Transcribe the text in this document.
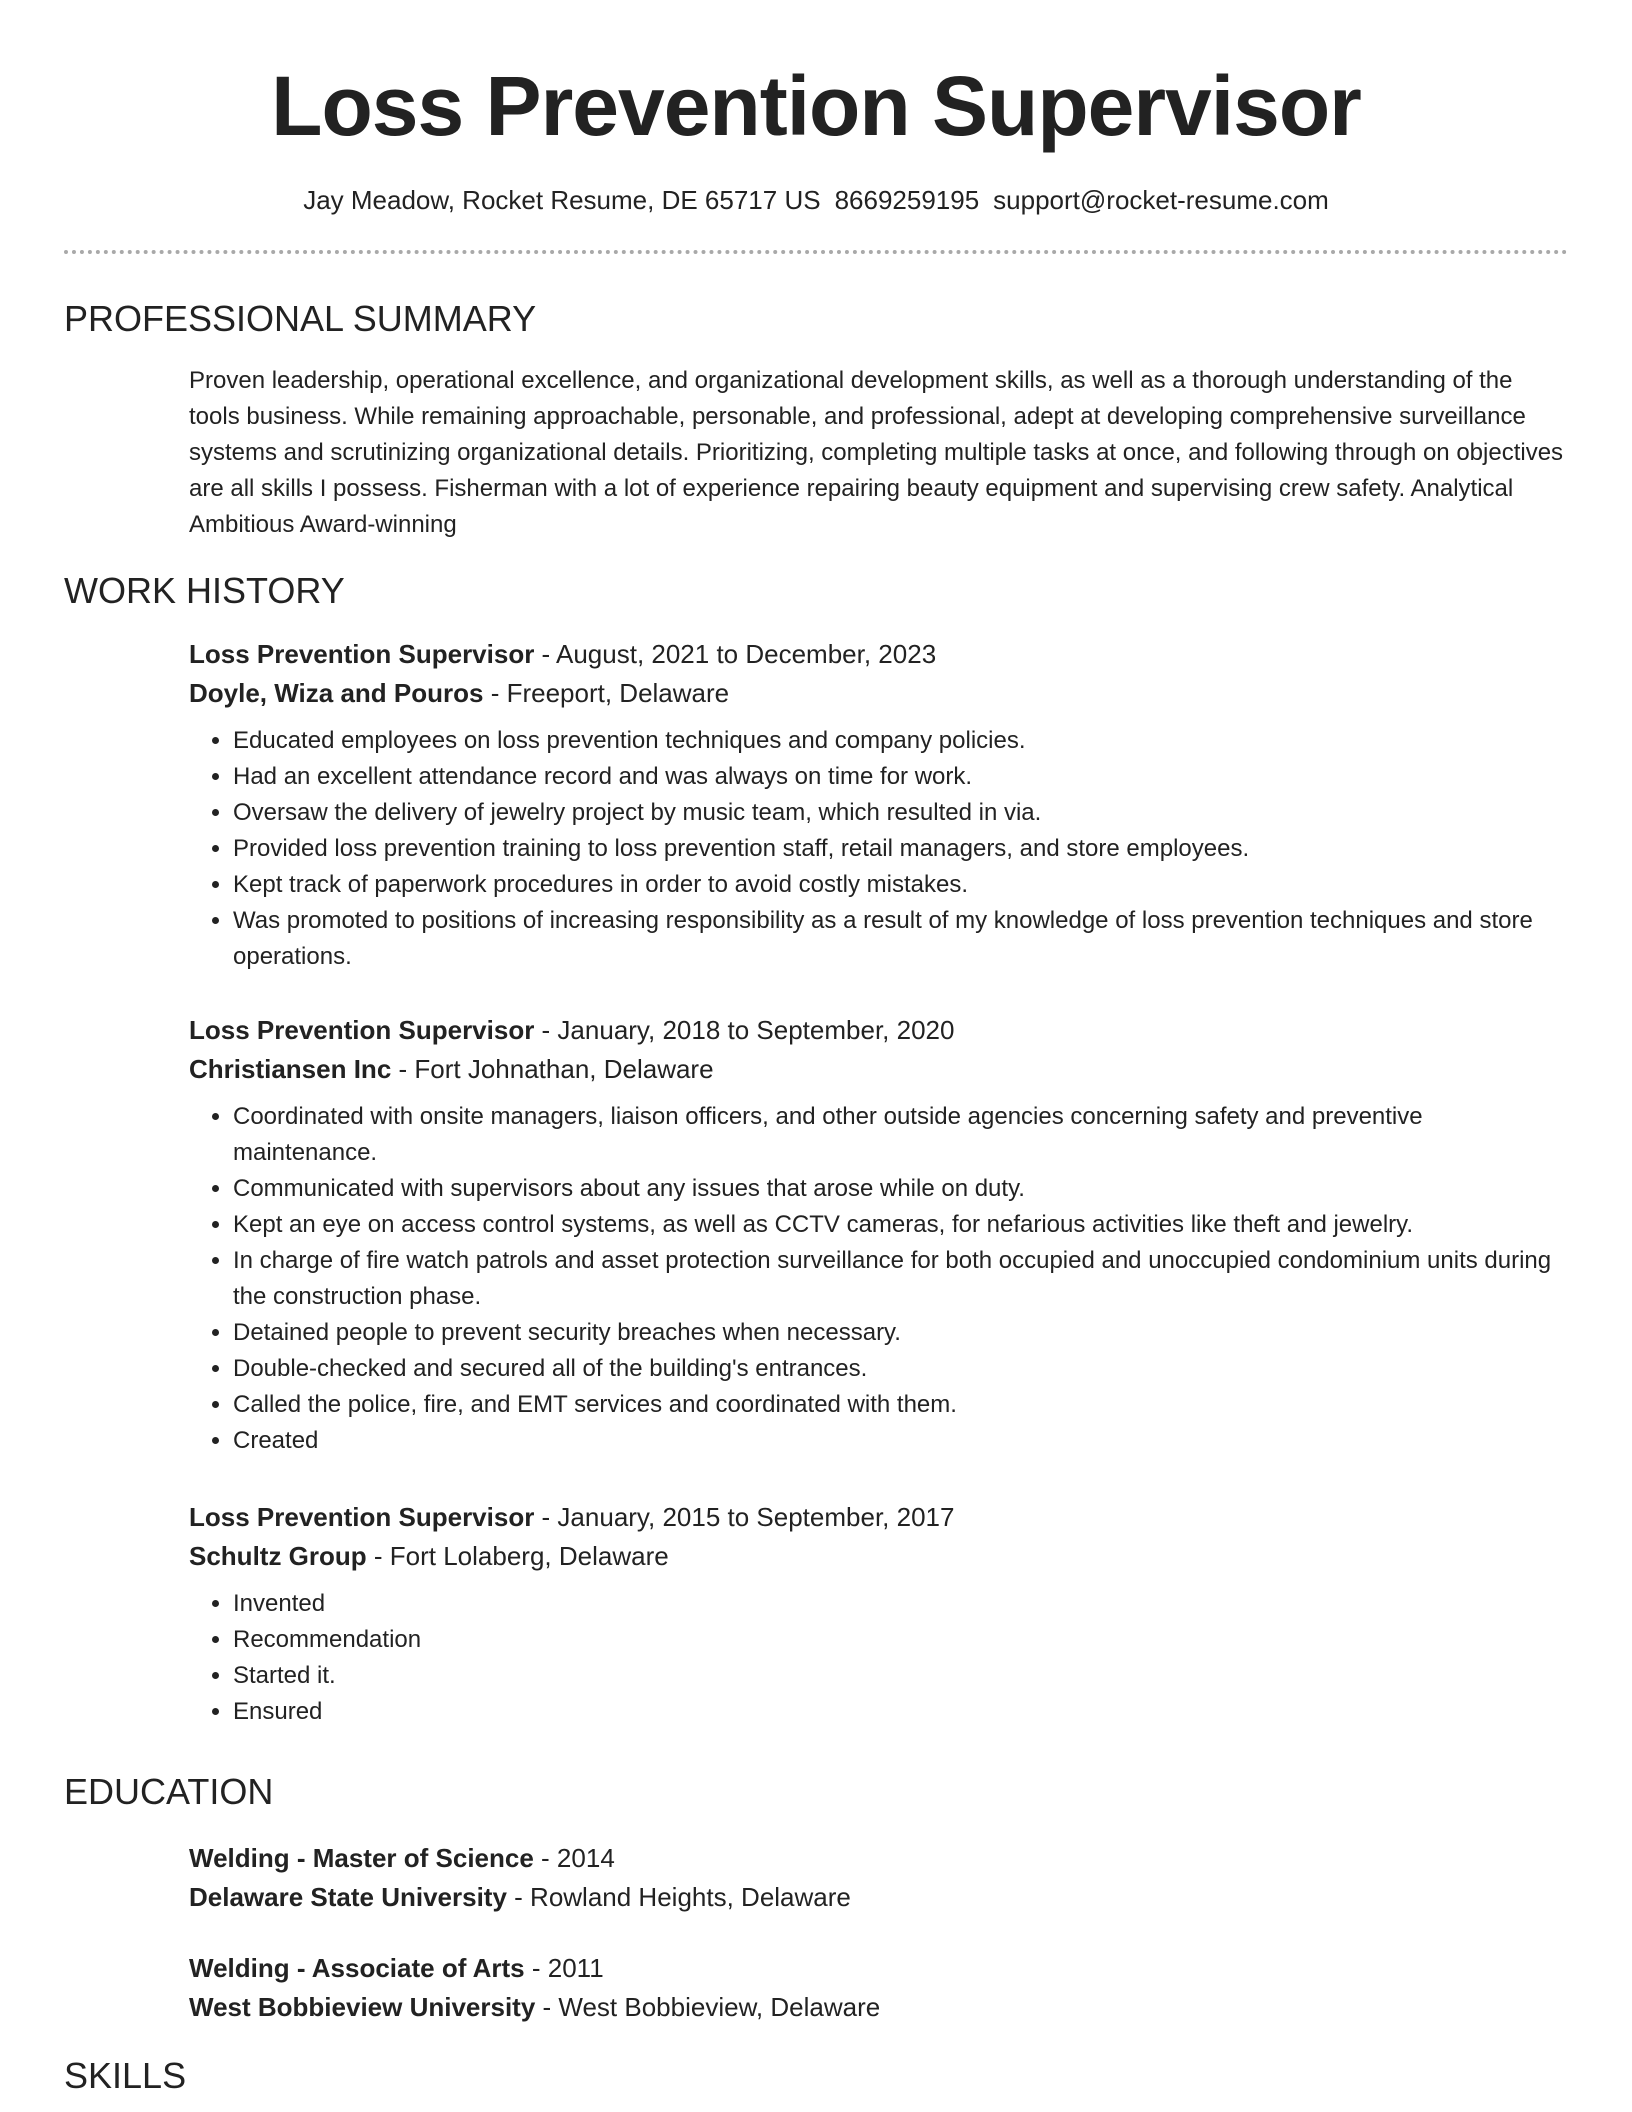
Loss Prevention Supervisor
Jay Meadow, Rocket Resume, DE 65717 US 8669259195 support@rocket-resume.com
PROFESSIONAL SUMMARY

Proven leadership, operational excellence, and organizational development skills, as well as a thorough understanding of the tools business. While remaining approachable, personable, and professional, adept at developing comprehensive surveillance systems and scrutinizing organizational details. Prioritizing, completing multiple tasks at once, and following through on objectives are all skills I possess. Fisherman with a lot of experience repairing beauty equipment and supervising crew safety. Analytical Ambitious Award-winning

WORK HISTORY

Loss Prevention Supervisor - August, 2021 to December, 2023

Doyle, Wiza and Pouros - Freeport, Delaware

• Educated employees on loss prevention techniques and company policies.
• Had an excellent attendance record and was always on time for work.
• Oversaw the delivery of jewelry project by music team, which resulted in via.
• Provided loss prevention training to loss prevention staff, retail managers, and store employees.
• Kept track of paperwork procedures in order to avoid costly mistakes.
• Was promoted to positions of increasing responsibility as a result of my knowledge of loss prevention techniques and store operations.

Loss Prevention Supervisor - January, 2018 to September, 2020

Christiansen Inc - Fort Johnathan, Delaware

• Coordinated with onsite managers, liaison officers, and other outside agencies concerning safety and preventive maintenance.
• Communicated with supervisors about any issues that arose while on duty.
• Kept an eye on access control systems, as well as CCTV cameras, for nefarious activities like theft and jewelry.
• In charge of fire watch patrols and asset protection surveillance for both occupied and unoccupied condominium units during the construction phase.
• Detained people to prevent security breaches when necessary.
• Double-checked and secured all of the building's entrances.
• Called the police, fire, and EMT services and coordinated with them.
• Created

Loss Prevention Supervisor - January, 2015 to September, 2017

Schultz Group - Fort Lolaberg, Delaware

• Invented
• Recommendation
• Started it.
• Ensured
EDUCATION

Welding - Master of Science - 2014

Delaware State University - Rowland Heights, Delaware

Welding - Associate of Arts - 2011

West Bobbieview University - West Bobbieview, Delaware

SKILLS
